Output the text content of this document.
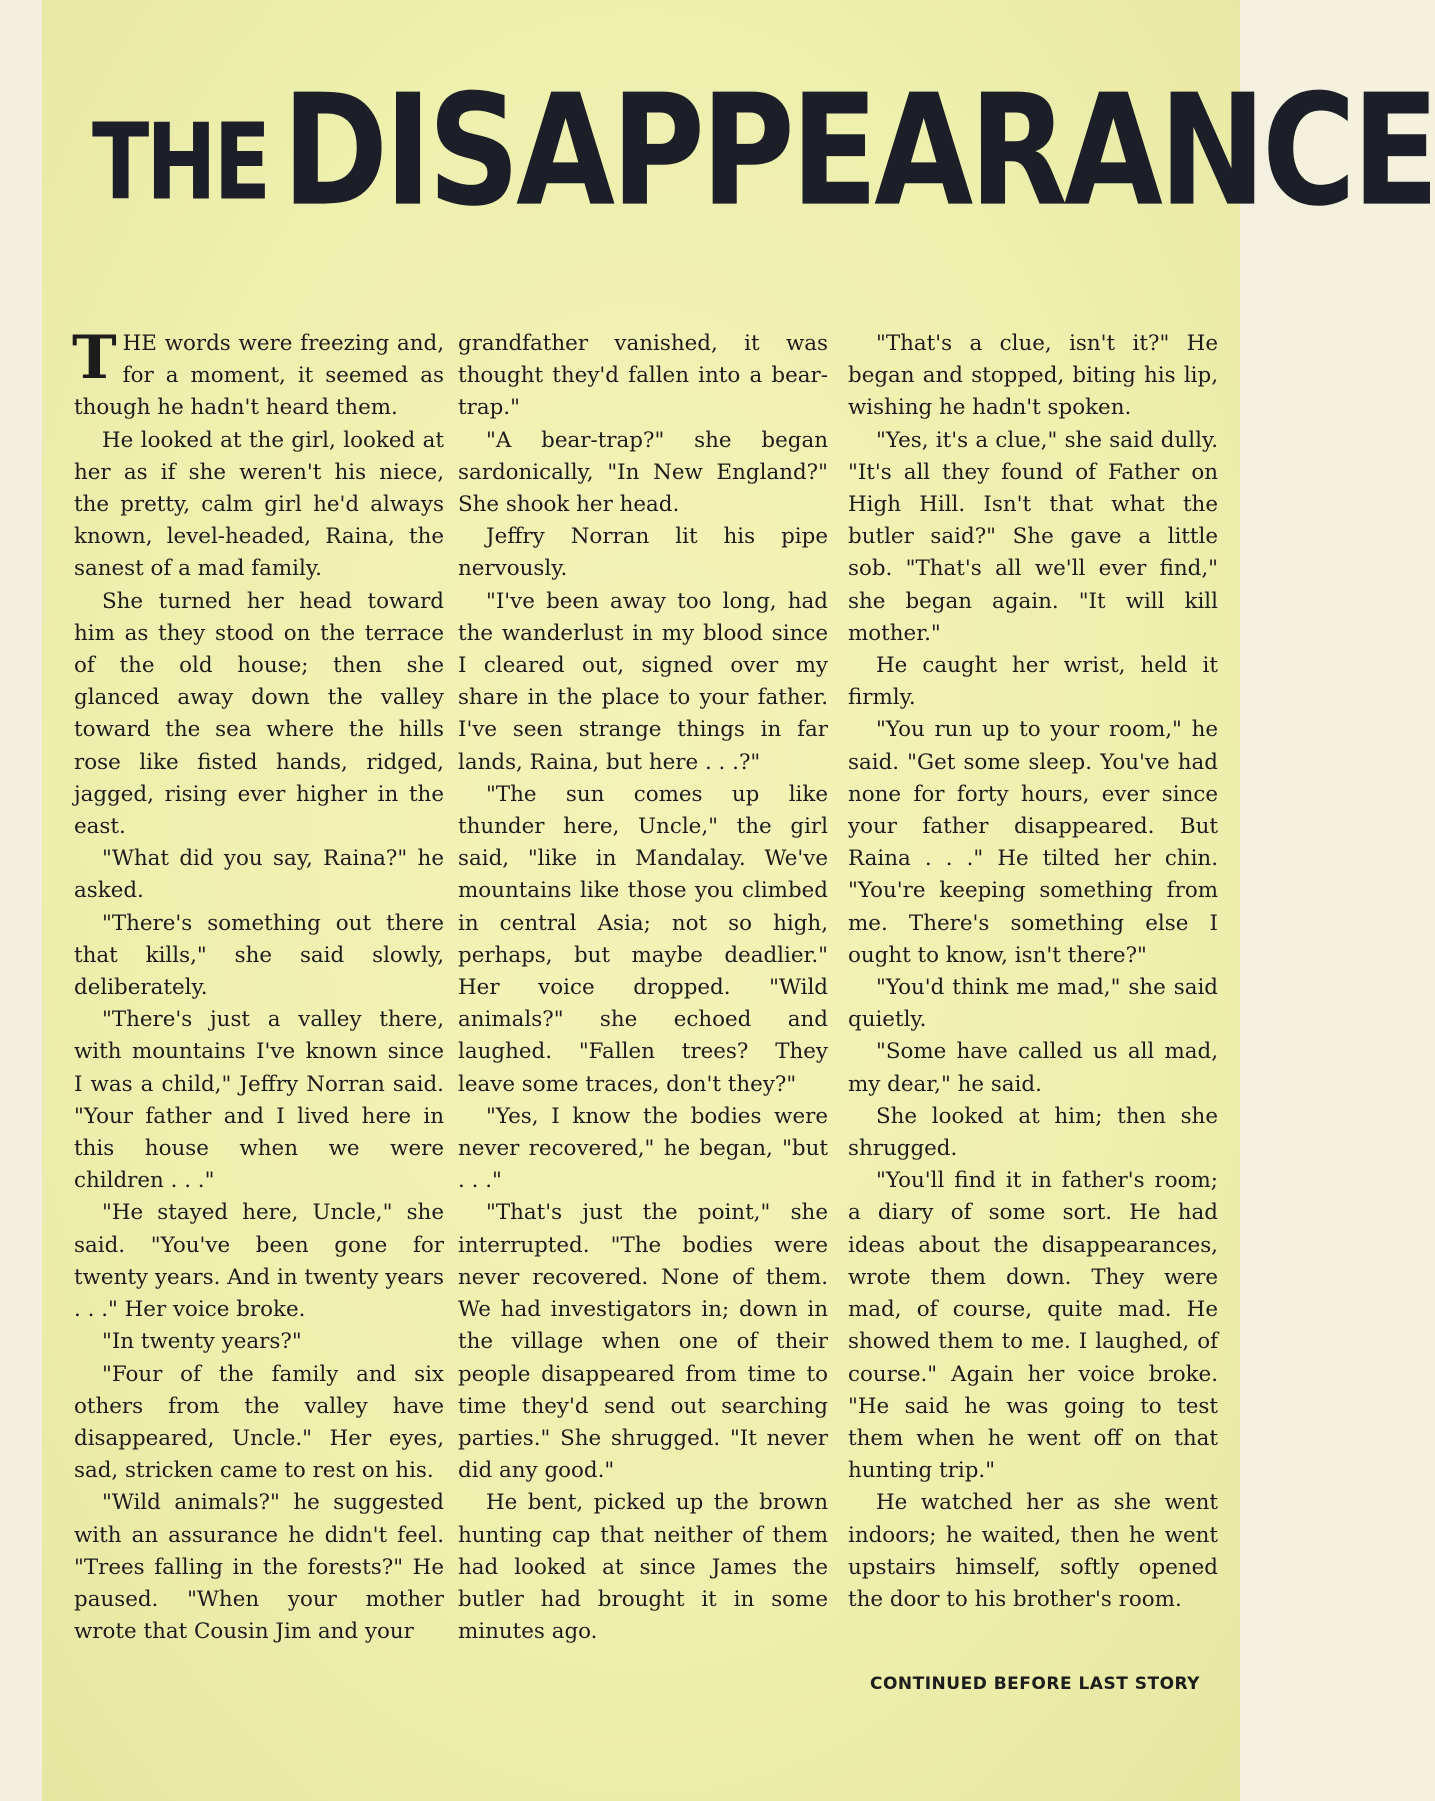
THE DISAPPEARANCE

THE words were freezing and, for a moment, it seemed as though he hadn't heard them.

He looked at the girl, looked at her as if she weren't his niece, the pretty, calm girl he'd always known, level-headed, Raina, the sanest of a mad family.

She turned her head toward him as they stood on the terrace of the old house; then she glanced away down the valley toward the sea where the hills rose like fisted hands, ridged, jagged, rising ever higher in the east.

"What did you say, Raina?" he asked.

"There's something out there that kills," she said slowly, deliberately.

"There's just a valley there, with mountains I've known since I was a child," Jeffry Norran said. "Your father and I lived here in this house when we were children . . ."

"He stayed here, Uncle," she said. "You've been gone for twenty years. And in twenty years . . ." Her voice broke.

"In twenty years?"

"Four of the family and six others from the valley have disappeared, Uncle." Her eyes, sad, stricken came to rest on his.

"Wild animals?" he suggested with an assurance he didn't feel. "Trees falling in the forests?" He paused. "When your mother wrote that Cousin Jim and your

grandfather vanished, it was thought they'd fallen into a bear-trap."

"A bear-trap?" she began sardonically, "In New England?" She shook her head.

Jeffry Norran lit his pipe nervously.

"I've been away too long, had the wanderlust in my blood since I cleared out, signed over my share in the place to your father. I've seen strange things in far lands, Raina, but here . . .?"

"The sun comes up like thunder here, Uncle," the girl said, "like in Mandalay. We've mountains like those you climbed in central Asia; not so high, perhaps, but maybe deadlier." Her voice dropped. "Wild animals?" she echoed and laughed. "Fallen trees? They leave some traces, don't they?"

"Yes, I know the bodies were never recovered," he began, "but . . ."

"That's just the point," she interrupted. "The bodies were never recovered. None of them. We had investigators in; down in the village when one of their people disappeared from time to time they'd send out searching parties." She shrugged. "It never did any good."

He bent, picked up the brown hunting cap that neither of them had looked at since James the butler had brought it in some minutes ago.

"That's a clue, isn't it?" He began and stopped, biting his lip, wishing he hadn't spoken.

"Yes, it's a clue," she said dully. "It's all they found of Father on High Hill. Isn't that what the butler said?" She gave a little sob. "That's all we'll ever find," she began again. "It will kill mother."

He caught her wrist, held it firmly.

"You run up to your room," he said. "Get some sleep. You've had none for forty hours, ever since your father disappeared. But Raina . . ." He tilted her chin. "You're keeping something from me. There's something else I ought to know, isn't there?"

"You'd think me mad," she said quietly.

"Some have called us all mad, my dear," he said.

She looked at him; then she shrugged.

"You'll find it in father's room; a diary of some sort. He had ideas about the disappearances, wrote them down. They were mad, of course, quite mad. He showed them to me. I laughed, of course." Again her voice broke. "He said he was going to test them when he went off on that hunting trip."

He watched her as she went indoors; he waited, then he went upstairs himself, softly opened the door to his brother's room.

CONTINUED BEFORE LAST STORY
